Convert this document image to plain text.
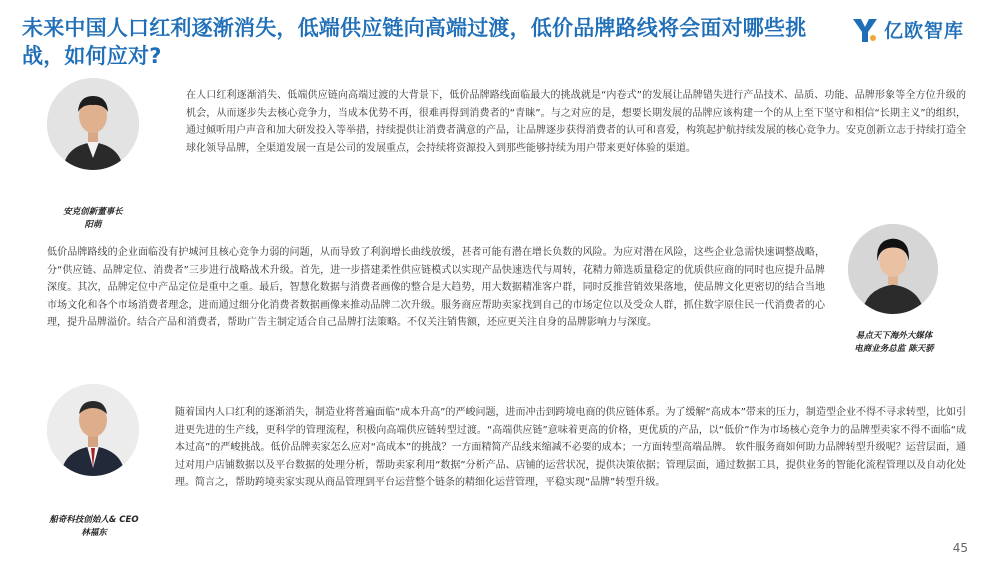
未来中国人口红利逐渐消失，低端供应链向高端过渡，低价品牌路线将会面对哪些挑战，如何应对?
亿欧智库
安克创新董事长
阳萌

在人口红利逐渐消失、低端供应链向高端过渡的大背景下，低价品牌路线面临最大的挑战就是“内卷式”的发展让品牌错失进行产品技术、品质、功能、品牌形象等全方位升级的机会，从而逐步失去核心竞争力，当成本优势不再，很难再得到消费者的“青睐”。与之对应的是，想要长期发展的品牌应该构建一个的从上至下坚守和相信“长期主义”的组织，通过倾听用户声音和加大研发投入等举措，持续提供让消费者满意的产品，让品牌逐步获得消费者的认可和喜爱，构筑起护航持续发展的核心竞争力。安克创新立志于持续打造全球化领导品牌，全渠道发展一直是公司的发展重点，会持续将资源投入到那些能够持续为用户带来更好体验的渠道。

低价品牌路线的企业面临没有护城河且核心竞争力弱的问题，从而导致了利润增长曲线放缓，甚者可能有潜在增长负数的风险。为应对潜在风险，这些企业急需快速调整战略，分“供应链、品牌定位、消费者”三步进行战略战术升级。首先，进一步搭建柔性供应链模式以实现产品快速迭代与周转，花精力筛选质量稳定的优质供应商的同时也应提升品牌深度。其次，品牌定位中产品定位是重中之重。最后，智慧化数据与消费者画像的整合是大趋势，用大数据精准客户群，同时反推营销效果落地，使品牌文化更密切的结合当地市场文化和各个市场消费者理念，进而通过细分化消费者数据画像来推动品牌二次升级。服务商应帮助卖家找到自己的市场定位以及受众人群，抓住数字原住民一代消费者的心理，提升品牌溢价。结合产品和消费者，帮助广告主制定适合自己品牌打法策略。不仅关注销售额，还应更关注自身的品牌影响力与深度。

易点天下海外大媒体
电商业务总监 陈天骄
船奇科技创始人& CEO
林福东

随着国内人口红利的逐渐消失，制造业将普遍面临“成本升高”的严峻问题，进而冲击到跨境电商的供应链体系。为了缓解“高成本”带来的压力，制造型企业不得不寻求转型，比如引进更先进的生产线，更科学的管理流程，积极向高端供应链转型过渡。“高端供应链”意味着更高的价格，更优质的产品，以“低价”作为市场核心竞争力的品牌型卖家不得不面临“成本过高”的严峻挑战。低价品牌卖家怎么应对“高成本”的挑战？一方面精简产品线来缩减不必要的成本；一方面转型高端品牌。 软件服务商如何助力品牌转型升级呢？运营层面，通过对用户店铺数据以及平台数据的处理分析，帮助卖家利用“数据”分析产品、店铺的运营状况，提供决策依据；管理层面，通过数据工具，提供业务的智能化流程管理以及自动化处理。简言之，帮助跨境卖家实现从商品管理到平台运营整个链条的精细化运营管理，平稳实现“品牌”转型升级。

45
